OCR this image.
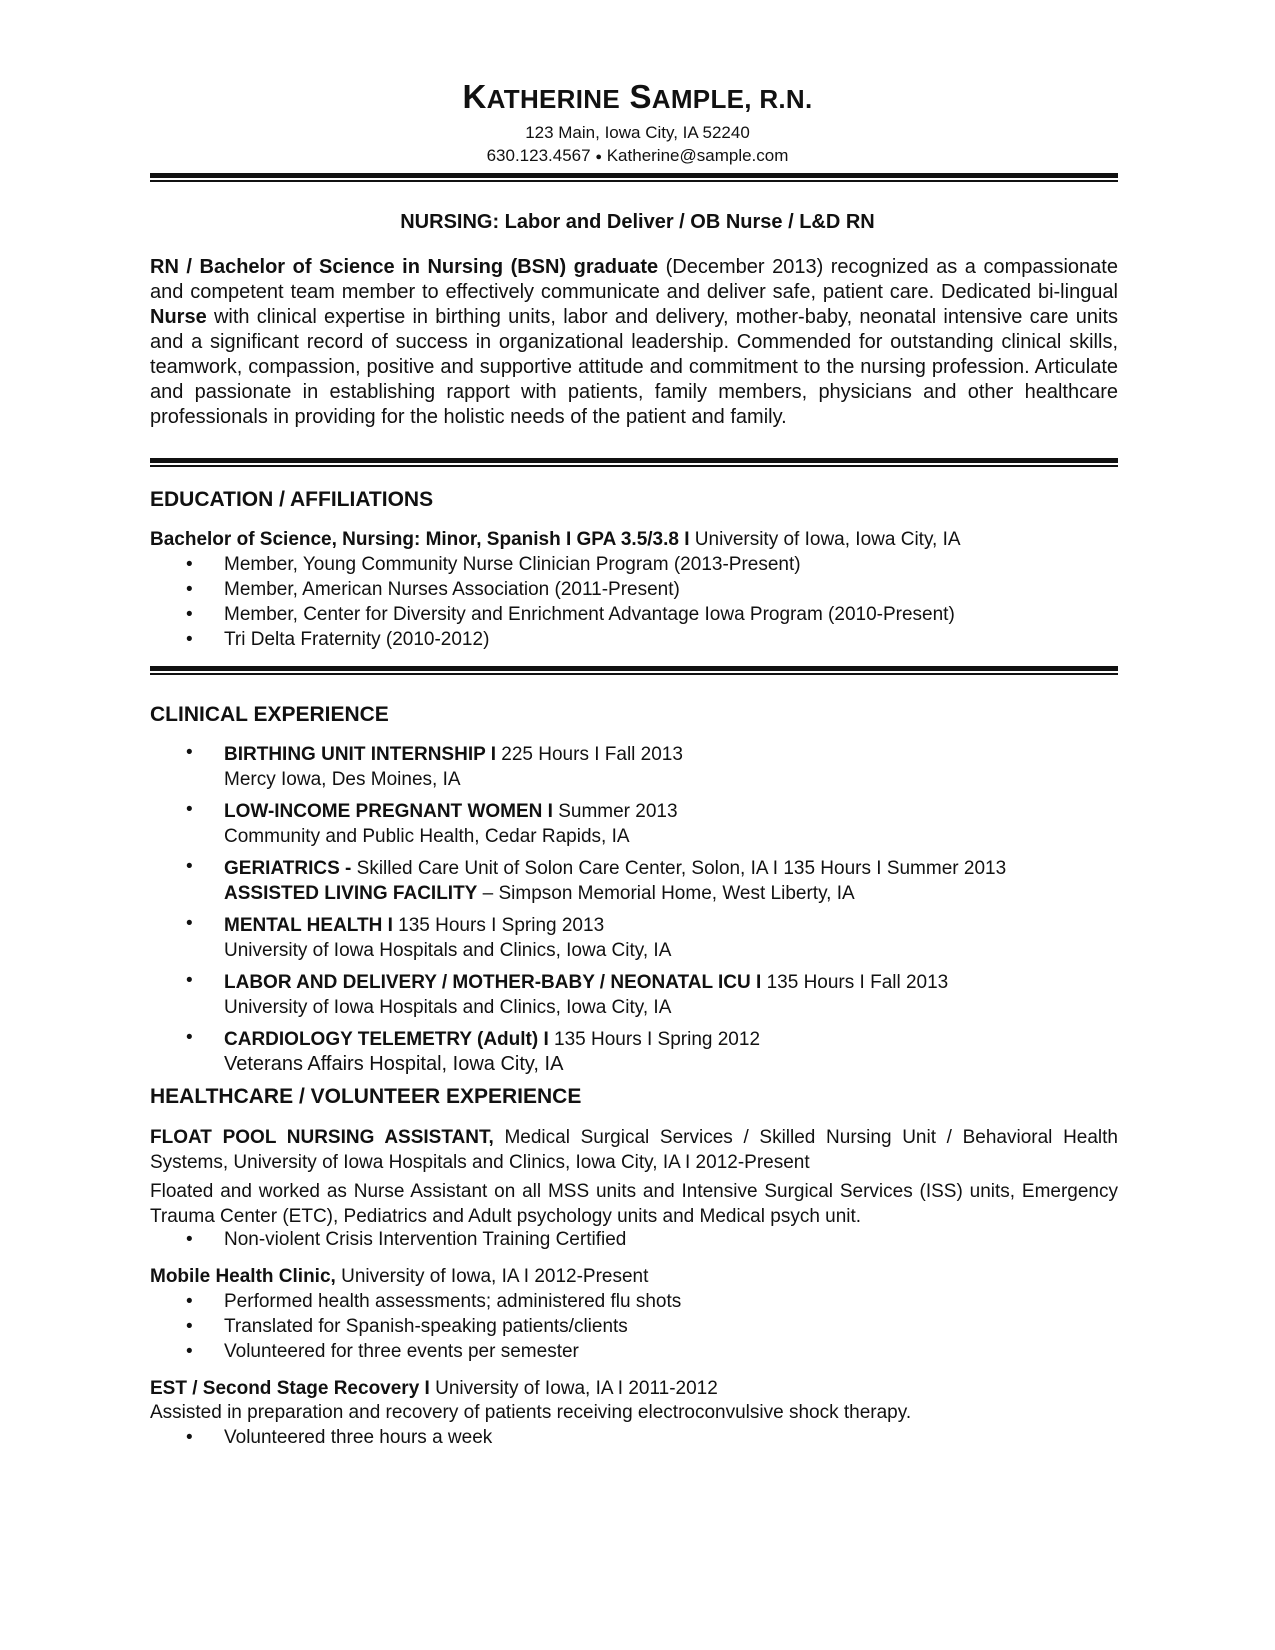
KATHERINE SAMPLE, R.N.
123 Main, Iowa City, IA 52240
630.123.4567 ● Katherine@sample.com
NURSING: Labor and Deliver / OB Nurse / L&D RN
RN / Bachelor of Science in Nursing (BSN) graduate (December 2013) recognized as a compassionate and competent team member to effectively communicate and deliver safe, patient care. Dedicated bi-lingual Nurse with clinical expertise in birthing units, labor and delivery, mother-baby, neonatal intensive care units and a significant record of success in organizational leadership. Commended for outstanding clinical skills, teamwork, compassion, positive and supportive attitude and commitment to the nursing profession. Articulate and passionate in establishing rapport with patients, family members, physicians and other healthcare professionals in providing for the holistic needs of the patient and family.
EDUCATION / AFFILIATIONS
Bachelor of Science, Nursing: Minor, Spanish I GPA 3.5/3.8 I University of Iowa, Iowa City, IA
• Member, Young Community Nurse Clinician Program (2013-Present)
• Member, American Nurses Association (2011-Present)
• Member, Center for Diversity and Enrichment Advantage Iowa Program (2010-Present)
• Tri Delta Fraternity (2010-2012)
CLINICAL EXPERIENCE
• BIRTHING UNIT INTERNSHIP I 225 Hours I Fall 2013
Mercy Iowa, Des Moines, IA
• LOW-INCOME PREGNANT WOMEN I Summer 2013
Community and Public Health, Cedar Rapids, IA
• GERIATRICS - Skilled Care Unit of Solon Care Center, Solon, IA I 135 Hours I Summer 2013
ASSISTED LIVING FACILITY – Simpson Memorial Home, West Liberty, IA
• MENTAL HEALTH I 135 Hours I Spring 2013
University of Iowa Hospitals and Clinics, Iowa City, IA
• LABOR AND DELIVERY / MOTHER-BABY / NEONATAL ICU I 135 Hours I Fall 2013
University of Iowa Hospitals and Clinics, Iowa City, IA
• CARDIOLOGY TELEMETRY (Adult) I 135 Hours I Spring 2012
Veterans Affairs Hospital, Iowa City, IA
HEALTHCARE / VOLUNTEER EXPERIENCE
FLOAT POOL NURSING ASSISTANT, Medical Surgical Services / Skilled Nursing Unit / Behavioral Health Systems, University of Iowa Hospitals and Clinics, Iowa City, IA I 2012-Present
Floated and worked as Nurse Assistant on all MSS units and Intensive Surgical Services (ISS) units, Emergency Trauma Center (ETC), Pediatrics and Adult psychology units and Medical psych unit.
• Non-violent Crisis Intervention Training Certified
Mobile Health Clinic, University of Iowa, IA I 2012-Present
• Performed health assessments; administered flu shots
• Translated for Spanish-speaking patients/clients
• Volunteered for three events per semester
EST / Second Stage Recovery I University of Iowa, IA I 2011-2012
Assisted in preparation and recovery of patients receiving electroconvulsive shock therapy.
• Volunteered three hours a week
